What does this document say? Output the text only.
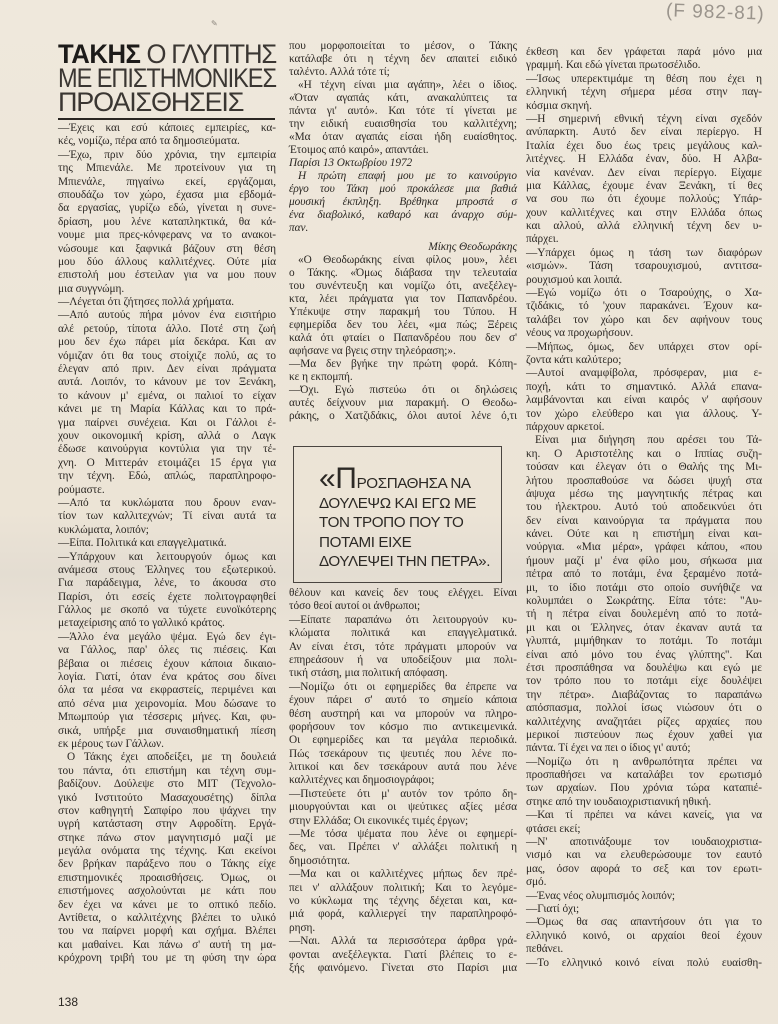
✎	(F 982-81)
ΤΑΚΗΣ Ο ΓΛΥΠΤΗΣ
ΜΕ ΕΠΙΣΤΗΜΟΝΙΚΕΣ
ΠΡΟΑΙΣΘΗΣΕΙΣ
—Έχεις και εσύ κάποιες εμπειρίες, κα-
κές, νομίζω, πέρα από τα δημοσιεύματα.
—Έχω, πριν δύο χρόνια, την εμπειρία
της Μπιενάλε. Με προτείνουν για τη
Μπιενάλε, πηγαίνω εκεί, εργάζομαι,
σπουδάζω τον χώρο, έχασα μια εβδομά-
δα εργασίας, γυρίζω εδώ, γίνεται η συνε-
δρίαση, μου λένε καταπληκτικά, θα κά-
νουμε μια πρες-κόνφερανς να το ανακοι-
νώσουμε και ξαφνικά βάζουν στη θέση
μου δύο άλλους καλλιτέχνες. Ούτε μία
επιστολή μου έστειλαν για να μου πουν
μια συγγνώμη.
—Λέγεται ότι ζήτησες πολλά χρήματα.
—Από αυτούς πήρα μόνον ένα εισιτήριο
αλέ ρετούρ, τίποτα άλλο. Ποτέ στη ζωή
μου δεν έχω πάρει μία δεκάρα. Και αν
νόμιζαν ότι θα τους στοίχιζε πολύ, ας το
έλεγαν από πριν. Δεν είναι πράγματα
αυτά. Λοιπόν, το κάνουν με τον Ξενάκη,
το κάνουν μ' εμένα, οι παλιοί το είχαν
κάνει με τη Μαρία Κάλλας και το πρά-
γμα παίρνει συνέχεια. Και οι Γάλλοι έ-
χουν οικονομική κρίση, αλλά ο Λαγκ
έδωσε καινούργια κοντύλια για την τέ-
χνη. Ο Μιττεράν ετοιμάζει 15 έργα για
την τέχνη. Εδώ, απλώς, παραπληροφο-
ρούμαστε.
—Από τα κυκλώματα που δρουν εναν-
τίον των καλλιτεχνών; Τί είναι αυτά τα
κυκλώματα, λοιπόν;
—Είπα. Πολιτικά και επαγγελματικά.
—Υπάρχουν και λειτουργούν όμως και
ανάμεσα στους Έλληνες του εξωτερικού.
Για παράδειγμα, λένε, το άκουσα στο
Παρίσι, ότι εσείς έχετε πολιτογραφηθεί
Γάλλος με σκοπό να τύχετε ευνοϊκότερης
μεταχείρισης από το γαλλικό κράτος.
—Άλλο ένα μεγάλο ψέμα. Εγώ δεν έγι-
να Γάλλος, παρ' όλες τις πιέσεις. Και
βέβαια οι πιέσεις έχουν κάποια δικαιο-
λογία. Γιατί, όταν ένα κράτος σου δίνει
όλα τα μέσα να εκφραστείς, περιμένει και
από σένα μια χειρονομία. Μου δώσανε το
Μπωμπούρ για τέσσερις μήνες. Και, φυ-
σικά, υπήρξε μια συναισθηματική πίεση
εκ μέρους των Γάλλων.
Ο Τάκης έχει αποδείξει, με τη δουλειά
του πάντα, ότι επιστήμη και τέχνη συμ-
βαδίζουν. Δούλεψε στο ΜΙΤ (Τεχνολο-
γικό Ινστιτούτο Μασαχουσέτης) δίπλα
στον καθηγητή Σαπφίρο που ψάχνει την
υγρή κατάσταση στην Αφροδίτη. Εργά-
στηκε πάνω στον μαγνητισμό μαζί με
μεγάλα ονόματα της τέχνης. Και εκείνοι
δεν βρήκαν παράξενο που ο Τάκης είχε
επιστημονικές προαισθήσεις. Όμως, οι
επιστήμονες ασχολούνται με κάτι που
δεν έχει να κάνει με το οπτικό πεδίο.
Αντίθετα, ο καλλιτέχνης βλέπει το υλικό
του να παίρνει μορφή και σχήμα. Βλέπει
και μαθαίνει. Και πάνω σ' αυτή τη μα-
κρόχρονη τριβή του με τη φύση την ώρα
που μορφοποιείται το μέσον, ο Τάκης
κατάλαβε ότι η τέχνη δεν απαιτεί ειδικό
ταλέντο. Αλλά τότε τί;
«Η τέχνη είναι μια αγάπη», λέει ο ίδιος.
«Όταν αγαπάς κάτι, ανακαλύπτεις τα
πάντα γι' αυτό». Και τότε τί γίνεται με
την ειδική ευαισθησία του καλλιτέχνη;
«Μα όταν αγαπάς είσαι ήδη ευαίσθητος.
Έτοιμος από καιρό», απαντάει.
Παρίσι 13 Οκτωβρίου 1972
Η πρώτη επαφή μου με το καινούργιο
έργο του Τάκη μού προκάλεσε μια βαθιά
μουσική έκπληξη. Βρέθηκα μπροστά σ
ένα διαβολικό, καθαρό και άναρχο σύμ-
παν.
Μίκης Θεοδωράκης
«Ο Θεοδωράκης είναι φίλος μου», λέει
ο Τάκης. «Όμως διάβασα την τελευταία
του συνέντευξη και νομίζω ότι, ανεξέλεγ-
κτα, λέει πράγματα για τον Παπανδρέου.
Υπέκυψε στην παρακμή του Τύπου. Η
εφημερίδα δεν του λέει, «μα πώς; Ξέρεις
καλά ότι φταίει ο Παπανδρέου που δεν σ'
αφήσανε να βγεις στην τηλεόραση;».
—Μα δεν βγήκε την πρώτη φορά. Κόπη-
κε η εκπομπή.
—Όχι. Εγώ πιστεύω ότι οι δηλώσεις
αυτές δείχνουν μια παρακμή. Ο Θεοδω-
ράκης, ο Χατζιδάκις, όλοι αυτοί λένε ό,τι
«ΠΡΟΣΠΑΘΗΣΑ ΝΑ
ΔΟΥΛΕΨΩ ΚΑΙ ΕΓΩ ΜΕ
ΤΟΝ ΤΡΟΠΟ ΠΟΥ ΤΟ
ΠΟΤΑΜΙ ΕΙΧΕ
ΔΟΥΛΕΨΕΙ ΤΗΝ ΠΕΤΡΑ».
θέλουν και κανείς δεν τους ελέγχει. Είναι
τόσο θεοί αυτοί οι άνθρωποι;
—Είπατε παραπάνω ότι λειτουργούν κυ-
κλώματα πολιτικά και επαγγελματικά.
Αν είναι έτσι, τότε πράγματι μπορούν να
επηρεάσουν ή να υποδείξουν μια πολι-
τική στάση, μια πολιτική απόφαση.
—Νομίζω ότι οι εφημερίδες θα έπρεπε να
έχουν πάρει σ' αυτό το σημείο κάποια
θέση αυστηρή και να μπορούν να πληρο-
φορήσουν τον κόσμο πιο αντικειμενικά.
Οι εφημερίδες και τα μεγάλα περιοδικά.
Πώς τσεκάρουν τις ψευτιές που λένε πο-
λιτικοί και δεν τσεκάρουν αυτά που λένε
καλλιτέχνες και δημοσιογράφοι;
—Πιστεύετε ότι μ' αυτόν τον τρόπο δη-
μιουργούνται και οι ψεύτικες αξίες μέσα
στην Ελλάδα; Οι εικονικές τιμές έργων;
—Με τόσα ψέματα που λένε οι εφημερί-
δες, ναι. Πρέπει ν' αλλάξει πολιτική η
δημοσιότητα.
—Μα και οι καλλιτέχνες μήπως δεν πρέ-
πει ν' αλλάξουν πολιτική; Και το λεγόμε-
νο κύκλωμα της τέχνης δέχεται και, κα-
μιά φορά, καλλιεργεί την παραπληροφό-
ρηση.
—Ναι. Αλλά τα περισσότερα άρθρα γρά-
φονται ανεξέλεγκτα. Γιατί βλέπεις το ε-
ξής φαινόμενο. Γίνεται στο Παρίσι μια
έκθεση και δεν γράφεται παρά μόνο μια
γραμμή. Και εδώ γίνεται πρωτοσέλιδο.
—Ίσως υπερεκτιμάμε τη θέση που έχει η
ελληνική τέχνη σήμερα μέσα στην παγ-
κόσμια σκηνή.
—Η σημερινή εθνική τέχνη είναι σχεδόν
ανύπαρκτη. Αυτό δεν είναι περίεργο. Η
Ιταλία έχει δυο έως τρεις μεγάλους καλ-
λιτέχνες. Η Ελλάδα έναν, δύο. Η Αλβα-
νία κανέναν. Δεν είναι περίεργο. Είχαμε
μια Κάλλας, έχουμε έναν Ξενάκη, τί θες
να σου πω ότι έχουμε πολλούς; Υπάρ-
χουν καλλιτέχνες και στην Ελλάδα όπως
και αλλού, αλλά ελληνική τέχνη δεν υ-
πάρχει.
—Υπάρχει όμως η τάση των διαφόρων
«ισμών». Τάση τσαρουχισμού, αντιτσα-
ρουχισμού και λοιπά.
—Εγώ νομίζω ότι ο Τσαρούχης, ο Χα-
τζιδάκις, τό 'χουν παρακάνει. Έχουν κα-
ταλάβει τον χώρο και δεν αφήνουν τους
νέους να προχωρήσουν.
—Μήπως, όμως, δεν υπάρχει στον ορί-
ζοντα κάτι καλύτερο;
—Αυτοί αναμφίβολα, πρόσφεραν, μια ε-
ποχή, κάτι το σημαντικό. Αλλά επανα-
λαμβάνονται και είναι καιρός ν' αφήσουν
τον χώρο ελεύθερο και για άλλους. Υ-
πάρχουν αρκετοί.
Είναι μια διήγηση που αρέσει του Τά-
κη. Ο Αριστοτέλης και ο Ιππίας συζη-
τούσαν και έλεγαν ότι ο Θαλής της Μι-
λήτου προσπαθούσε να δώσει ψυχή στα
άψυχα μέσω της μαγνητικής πέτρας και
του ήλεκτρου. Αυτό τού αποδεικνύει ότι
δεν είναι καινούργια τα πράγματα που
κάνει. Ούτε και η επιστήμη είναι και-
νούργια. «Μια μέρα», γράφει κάπου, «που
ήμουν μαζί μ' ένα φίλο μου, σήκωσα μια
πέτρα από το ποτάμι, ένα ξεραμένο ποτά-
μι, το ίδιο ποτάμι στο οποίο συνήθιζε να
κολυμπάει ο Σωκράτης. Είπα τότε: "Αυ-
τή η πέτρα είναι δουλεμένη από το ποτά-
μι και οι Έλληνες, όταν έκαναν αυτά τα
γλυπτά, μιμήθηκαν το ποτάμι. Το ποτάμι
είναι από μόνο του ένας γλύπτης". Και
έτσι προσπάθησα να δουλέψω και εγώ με
τον τρόπο που το ποτάμι είχε δουλέψει
την πέτρα». Διαβάζοντας το παραπάνω
απόσπασμα, πολλοί ίσως νιώσουν ότι ο
καλλιτέχνης αναζητάει ρίζες αρχαίες που
μερικοί πιστεύουν πως έχουν χαθεί για
πάντα. Τί έχει να πει ο ίδιος γι' αυτό;
—Νομίζω ότι η ανθρωπότητα πρέπει να
προσπαθήσει να καταλάβει τον ερωτισμό
των αρχαίων. Που χρόνια τώρα καταπιέ-
στηκε από την ιουδαιοχριστιανική ηθική.
—Και τί πρέπει να κάνει κανείς, για να
φτάσει εκεί;
—Ν' αποτινάξουμε τον ιουδαιοχριστια-
νισμό και να ελευθερώσουμε τον εαυτό
μας, όσον αφορά το σεξ και τον ερωτι-
σμό.
—Ένας νέος ολυμπισμός λοιπόν;
—Γιατί όχι;
—Όμως θα σας απαντήσουν ότι για το
ελληνικό κοινό, οι αρχαίοι θεοί έχουν
πεθάνει.
—Το ελληνικό κοινό είναι πολύ ευαίσθη-
138
